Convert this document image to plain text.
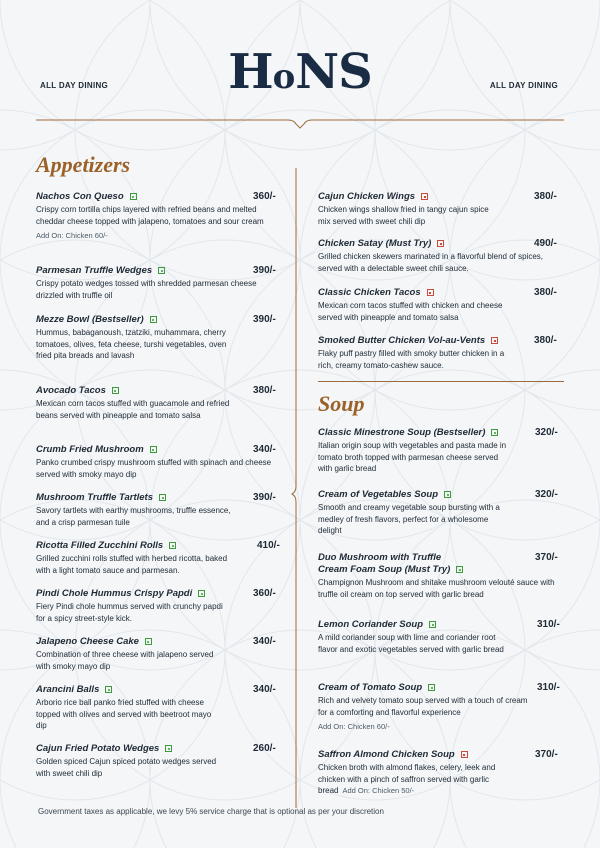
HoNS
ALL DAY DINING	ALL DAY DINING
Appetizers
Nachos Con Queso	360/-
Crispy corn tortilla chips layered with refried beans and melted cheddar cheese topped with jalapeno, tomatoes and sour cream
Add On: Chicken 60/-
Parmesan Truffle Wedges	390/-
Crispy potato wedges tossed with shredded parmesan cheese drizzled with truffle oil
Mezze Bowl (Bestseller)	390/-
Hummus, babaganoush, tzatziki, muhammara, cherry tomatoes, olives, feta cheese, turshi vegetables, oven fried pita breads and lavash
Avocado Tacos	380/-
Mexican corn tacos stuffed with guacamole and refried beans served with pineapple and tomato salsa
Crumb Fried Mushroom	340/-
Panko crumbed crispy mushroom stuffed with spinach and cheese served with smoky mayo dip
Mushroom Truffle Tartlets	390/-
Savory tartlets with earthy mushrooms, truffle essence, and a crisp parmesan tuile
Ricotta Filled Zucchini Rolls	410/-
Grilled zucchini rolls stuffed with herbed ricotta, baked with a light tomato sauce and parmesan.
Pindi Chole Hummus Crispy Papdi	360/-
Fiery Pindi chole hummus served with crunchy papdi for a spicy street-style kick.
Jalapeno Cheese Cake	340/-
Combination of three cheese with jalapeno served with smoky mayo dip
Arancini Balls	340/-
Arborio rice ball panko fried stuffed with cheese topped with olives and served with beetroot mayo dip
Cajun Fried Potato Wedges	260/-
Golden spiced Cajun spiced potato wedges served with sweet chili dip
Cajun Chicken Wings	380/-
Chicken wings shallow fried in tangy cajun spice mix served with sweet chili dip
Chicken Satay (Must Try)	490/-
Grilled chicken skewers marinated in a flavorful blend of spices, served with a delectable sweet chili sauce.
Classic Chicken Tacos	380/-
Mexican corn tacos stuffed with chicken and cheese served with pineapple and tomato salsa
Smoked Butter Chicken Vol-au-Vents	380/-
Flaky puff pastry filled with smoky butter chicken in a rich, creamy tomato-cashew sauce.
Soup
Classic Minestrone Soup (Bestseller)	320/-
Italian origin soup with vegetables and pasta made in tomato broth topped with parmesan cheese served with garlic bread
Cream of Vegetables Soup	320/-
Smooth and creamy vegetable soup bursting with a medley of fresh flavors, perfect for a wholesome delight
Duo Mushroom with Truffle
Cream Foam Soup (Must Try)
370/-
Champignon Mushroom and shitake mushroom velouté sauce with truffle oil cream on top served with garlic bread
Lemon Coriander Soup	310/-
A mild coriander soup with lime and coriander root flavor and exotic vegetables served with garlic bread
Cream of Tomato Soup	310/-
Rich and velvety tomato soup served with a touch of cream for a comforting and flavorful experience
Add On: Chicken 60/-
Saffron Almond Chicken Soup	370/-
Chicken broth with almond flakes, celery, leek and chicken with a pinch of saffron served with garlic bread Add On: Chicken 50/-
Government taxes as applicable, we levy 5% service charge that is optional as per your discretion
